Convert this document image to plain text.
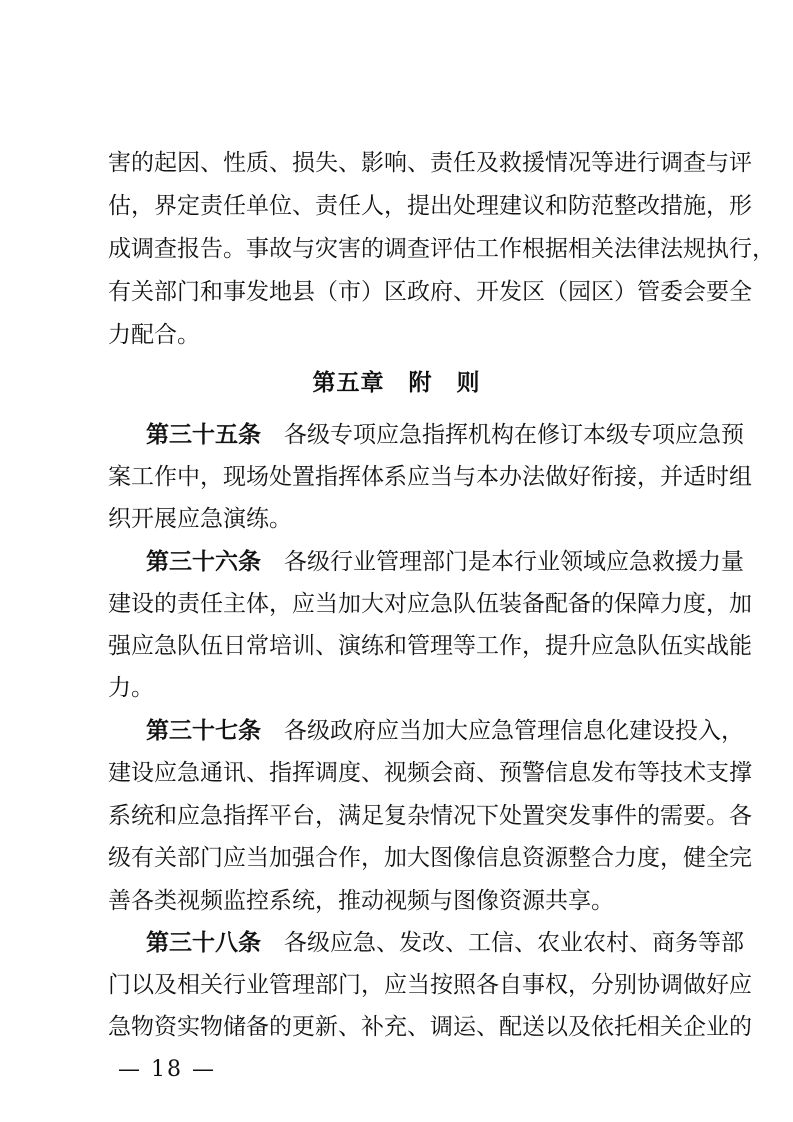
害的起因、性质、损失、影响、责任及救援情况等进行调查与评
估，界定责任单位、责任人，提出处理建议和防范整改措施，形
成调查报告。事故与灾害的调查评估工作根据相关法律法规执行，
有关部门和事发地县（市）区政府、开发区（园区）管委会要全
力配合。
第五章　附　则
第三十五条　各级专项应急指挥机构在修订本级专项应急预
案工作中，现场处置指挥体系应当与本办法做好衔接，并适时组
织开展应急演练。
第三十六条　各级行业管理部门是本行业领域应急救援力量
建设的责任主体，应当加大对应急队伍装备配备的保障力度，加
强应急队伍日常培训、演练和管理等工作，提升应急队伍实战能
力。
第三十七条　各级政府应当加大应急管理信息化建设投入，
建设应急通讯、指挥调度、视频会商、预警信息发布等技术支撑
系统和应急指挥平台，满足复杂情况下处置突发事件的需要。各
级有关部门应当加强合作，加大图像信息资源整合力度，健全完
善各类视频监控系统，推动视频与图像资源共享。
第三十八条　各级应急、发改、工信、农业农村、商务等部
门以及相关行业管理部门，应当按照各自事权，分别协调做好应
急物资实物储备的更新、补充、调运、配送以及依托相关企业的
— 18 —
